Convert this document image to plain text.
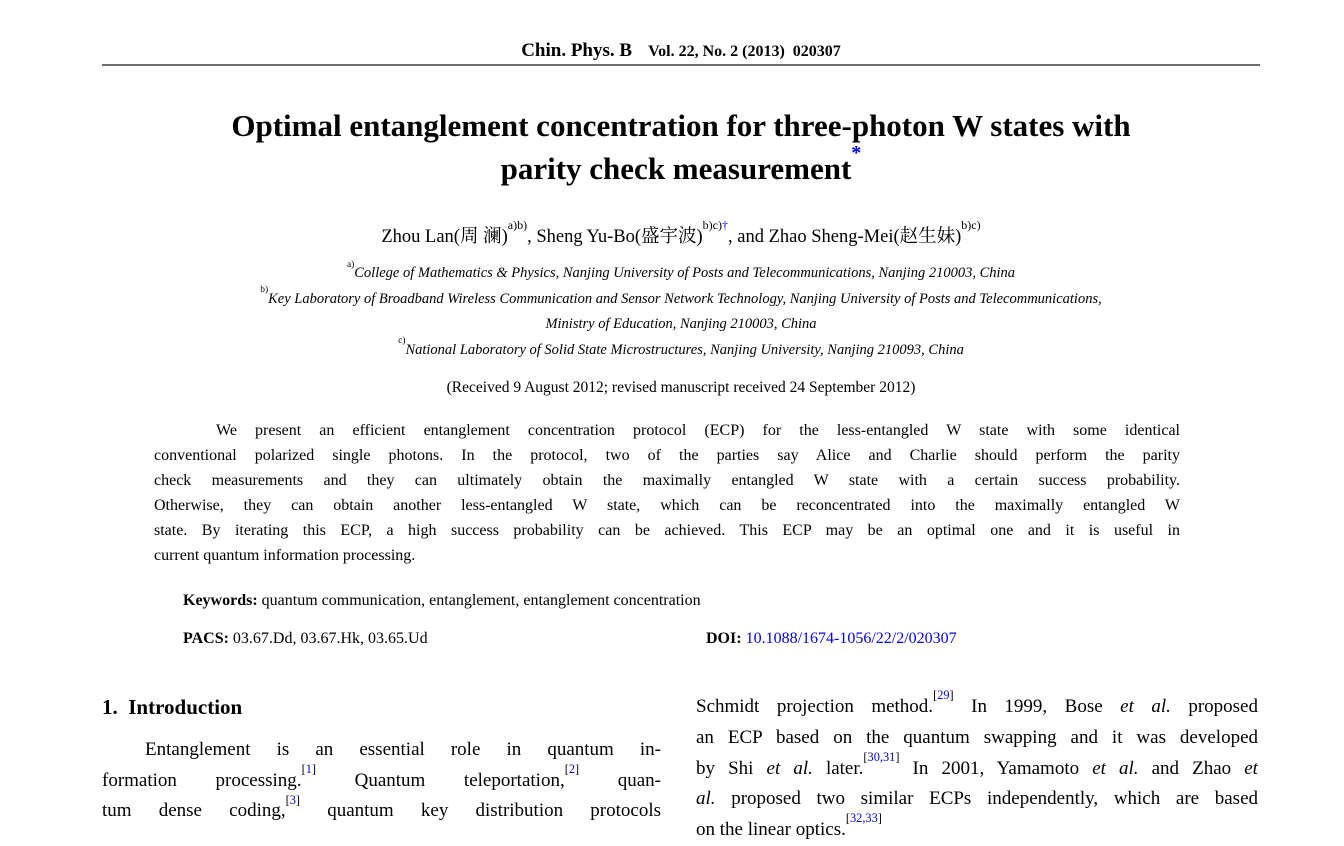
Chin. Phys. B Vol. 22, No. 2 (2013)  020307
Optimal entanglement concentration for three-photon W states with
parity check measurement*
Zhou Lan(周 澜)$^{a)b)}$, Sheng Yu-Bo(盛宇波)$^{b)c)\dagger}$, and Zhao Sheng-Mei(赵生妹)$^{b)c)}$
$^{a)}$College of Mathematics & Physics, Nanjing University of Posts and Telecommunications, Nanjing 210003, China
$^{b)}$Key Laboratory of Broadband Wireless Communication and Sensor Network Technology, Nanjing University of Posts and Telecommunications,
Ministry of Education, Nanjing 210003, China
$^{c)}$National Laboratory of Solid State Microstructures, Nanjing University, Nanjing 210093, China
(Received 9 August 2012; revised manuscript received 24 September 2012)
We present an efficient entanglement concentration protocol (ECP) for the less-entangled W state with some identical
conventional polarized single photons. In the protocol, two of the parties say Alice and Charlie should perform the parity
check measurements and they can ultimately obtain the maximally entangled W state with a certain success probability.
Otherwise, they can obtain another less-entangled W state, which can be reconcentrated into the maximally entangled W
state. By iterating this ECP, a high success probability can be achieved. This ECP may be an optimal one and it is useful in
current quantum information processing.
Keywords: quantum communication, entanglement, entanglement concentration
PACS: 03.67.Dd, 03.67.Hk, 03.65.Ud	DOI: 10.1088/1674-1056/22/2/020307
1.  Introduction
Entanglement is an essential role in quantum in-
formation processing.[1] Quantum teleportation,[2] quan-
tum dense coding,[3] quantum key distribution protocols
Schmidt projection method.[29] In 1999, Bose et al. proposed
an ECP based on the quantum swapping and it was developed
by Shi et al. later.[30,31] In 2001, Yamamoto et al. and Zhao et
al. proposed two similar ECPs independently, which are based
on the linear optics.[32,33]
